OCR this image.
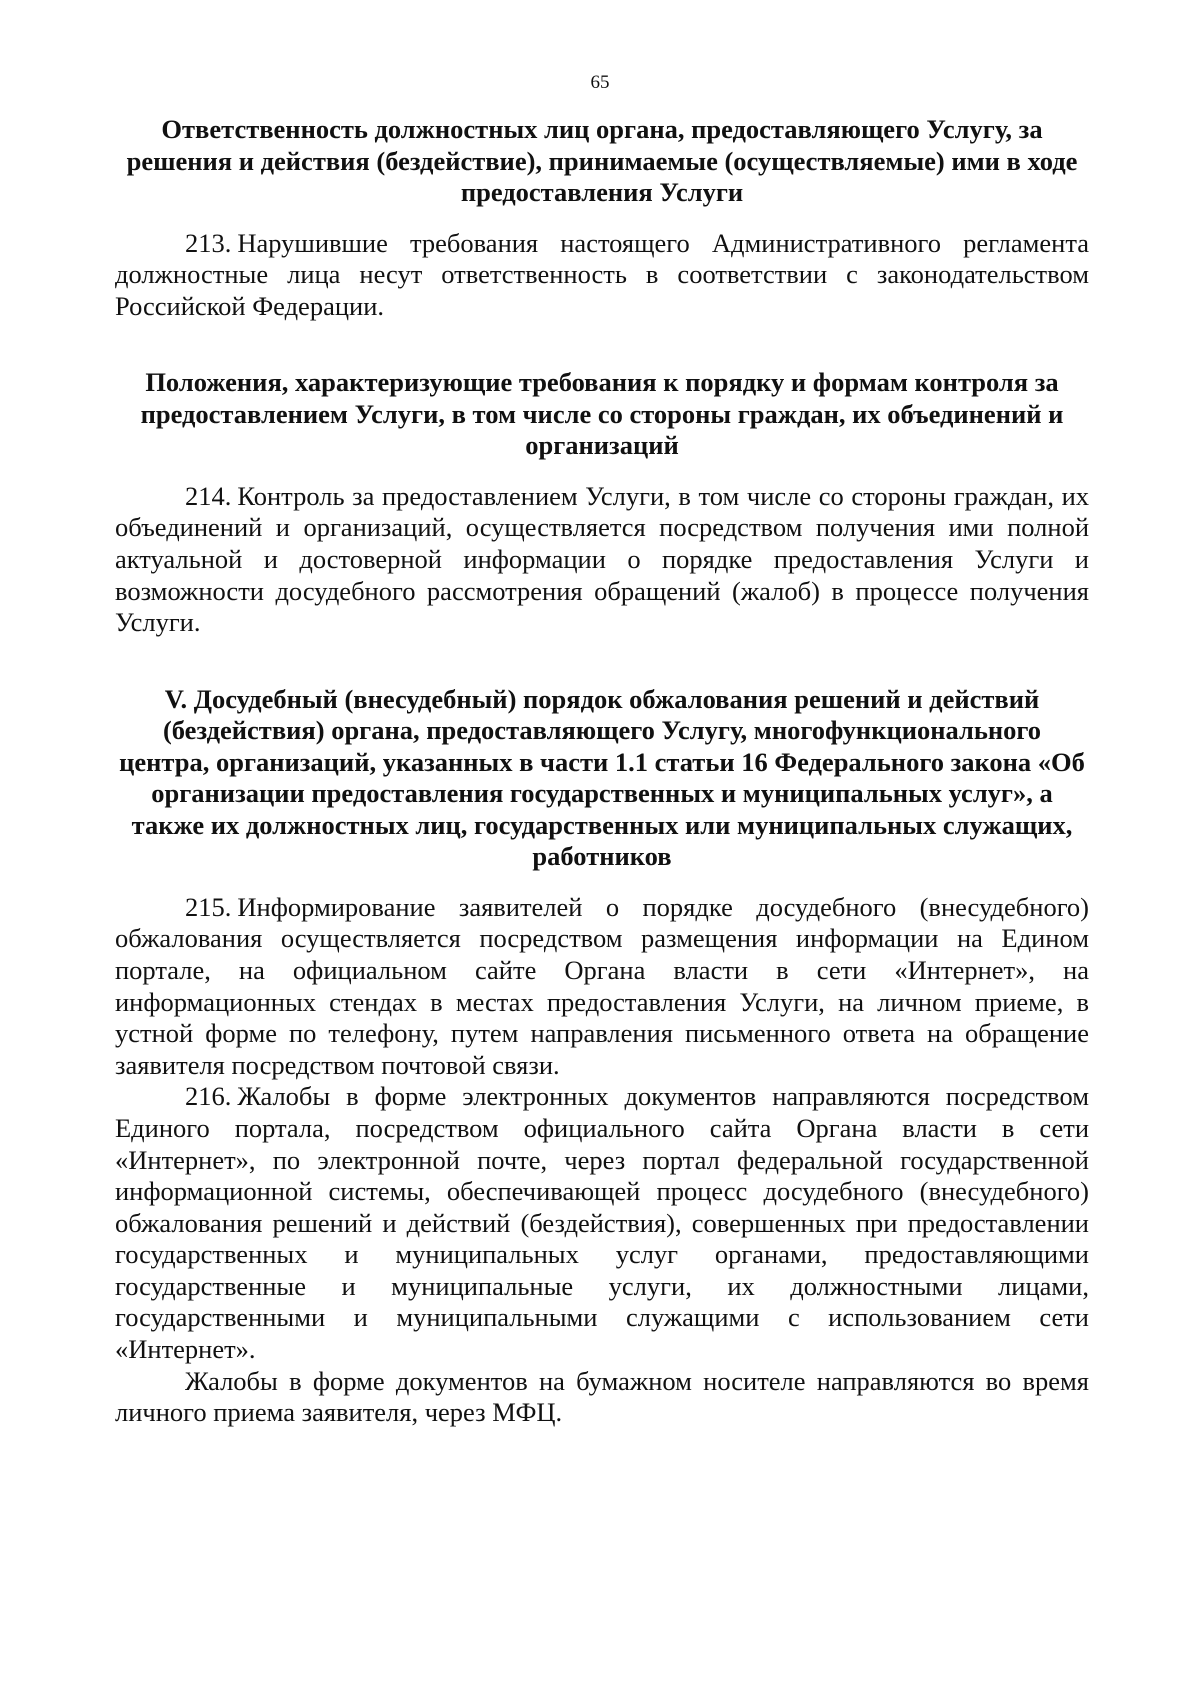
65

Ответственность должностных лиц органа, предоставляющего Услугу, за решения и действия (бездействие), принимаемые (осуществляемые) ими в ходе предоставления Услуги

213. Нарушившие требования настоящего Административного регламента должностные лица несут ответственность в соответствии с законодательством Российской Федерации.

Положения, характеризующие требования к порядку и формам контроля за предоставлением Услуги, в том числе со стороны граждан, их объединений и организаций

214. Контроль за предоставлением Услуги, в том числе со стороны граждан, их объединений и организаций, осуществляется посредством получения ими полной актуальной и достоверной информации о порядке предоставления Услуги и возможности досудебного рассмотрения обращений (жалоб) в процессе получения Услуги.

V. Досудебный (внесудебный) порядок обжалования решений и действий (бездействия) органа, предоставляющего Услугу, многофункционального центра, организаций, указанных в части 1.1 статьи 16 Федерального закона «Об организации предоставления государственных и муниципальных услуг», а также их должностных лиц, государственных или муниципальных служащих, работников

215. Информирование заявителей о порядке досудебного (внесудебного) обжалования осуществляется посредством размещения информации на Едином портале, на официальном сайте Органа власти в сети «Интернет», на информационных стендах в местах предоставления Услуги, на личном приеме, в устной форме по телефону, путем направления письменного ответа на обращение заявителя посредством почтовой связи.

216. Жалобы в форме электронных документов направляются посредством Единого портала, посредством официального сайта Органа власти в сети «Интернет», по электронной почте, через портал федеральной государственной информационной системы, обеспечивающей процесс досудебного (внесудебного) обжалования решений и действий (бездействия), совершенных при предоставлении государственных и муниципальных услуг органами, предоставляющими государственные и муниципальные услуги, их должностными лицами, государственными и муниципальными служащими с использованием сети «Интернет».

Жалобы в форме документов на бумажном носителе направляются во время личного приема заявителя, через МФЦ.
